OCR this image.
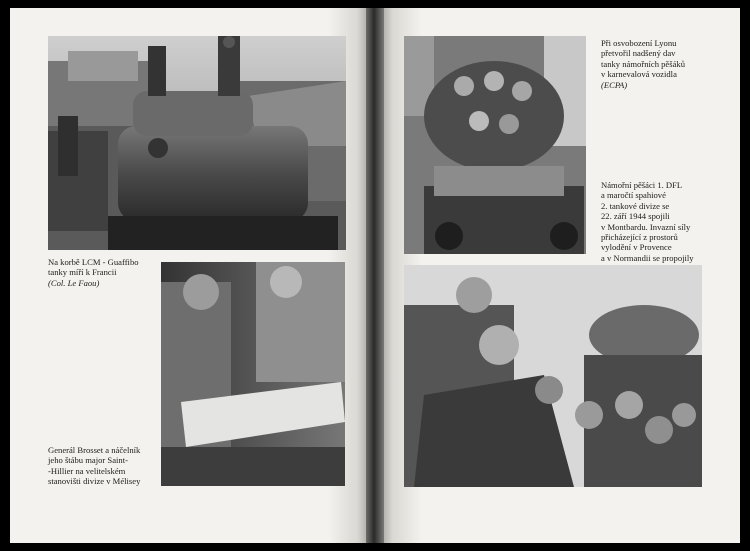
Na korbě LCM - Guaffibo
tanky míří k Francii
(Col. Le Faou)

Generál Brosset a náčelník
jeho štábu major Saint-
-Hillier na velitelském
stanovišti divize v Mélisey

Při osvobození Lyonu
přetvořil nadšený dav
tanky námořních pěšáků
v karnevalová vozidla
(ECPA)

Námořní pěšáci 1. DFL
a maročtí spahiové
2. tankové divize se
22. září 1944 spojili
v Montbardu. Invazní síly
přicházející z prostorů
vylodění v Provence
a v Normandii se propojily
